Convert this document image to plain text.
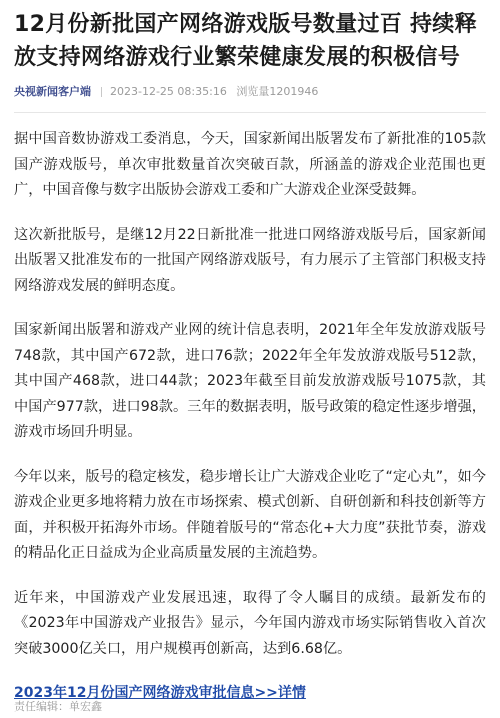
12月份新批国产网络游戏版号数量过百 持续释放支持网络游戏行业繁荣健康发展的积极信号
央视新闻客户端 2023-12-25 08:35:16 浏览量1201946

据中国音数协游戏工委消息，今天，国家新闻出版署发布了新批准的105款国产游戏版号，单次审批数量首次突破百款，所涵盖的游戏企业范围也更广，中国音像与数字出版协会游戏工委和广大游戏企业深受鼓舞。

这次新批版号，是继12月22日新批准一批进口网络游戏版号后，国家新闻出版署又批准发布的一批国产网络游戏版号，有力展示了主管部门积极支持网络游戏发展的鲜明态度。

国家新闻出版署和游戏产业网的统计信息表明，2021年全年发放游戏版号748款，其中国产672款，进口76款；2022年全年发放游戏版号512款，其中国产468款，进口44款；2023年截至目前发放游戏版号1075款，其中国产977款，进口98款。三年的数据表明，版号政策的稳定性逐步增强，游戏市场回升明显。

今年以来，版号的稳定核发，稳步增长让广大游戏企业吃了“定心丸”，如今游戏企业更多地将精力放在市场探索、模式创新、自研创新和科技创新等方面，并积极开拓海外市场。伴随着版号的“常态化+大力度”获批节奏，游戏的精品化正日益成为企业高质量发展的主流趋势。

近年来，中国游戏产业发展迅速，取得了令人瞩目的成绩。最新发布的《2023年中国游戏产业报告》显示，今年国内游戏市场实际销售收入首次突破3000亿关口，用户规模再创新高，达到6.68亿。

2023年12月份国产网络游戏审批信息>>详情
责任编辑：单宏鑫
